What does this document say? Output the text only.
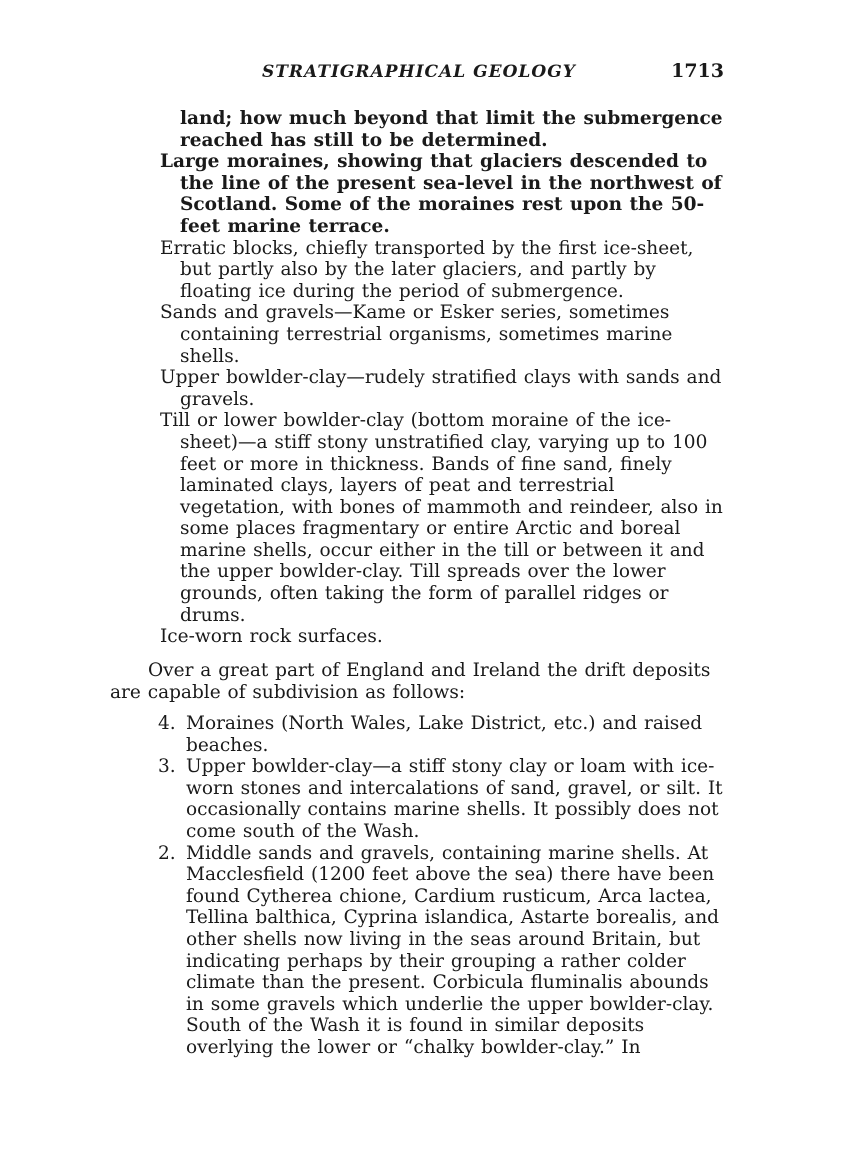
STRATIGRAPHICAL GEOLOGY	1713

land; how much beyond that limit the submergence reached has still to be determined.

Large moraines, showing that glaciers descended to the line of the present sea-level in the northwest of Scotland. Some of the moraines rest upon the 50-feet marine terrace.

Erratic blocks, chiefly transported by the first ice-sheet, but partly also by the later glaciers, and partly by floating ice during the period of submergence.

Sands and gravels—Kame or Esker series, sometimes containing terrestrial organisms, sometimes marine shells.

Upper bowlder-clay—rudely stratified clays with sands and gravels.

Till or lower bowlder-clay (bottom moraine of the ice-sheet)—a stiff stony unstratified clay, varying up to 100 feet or more in thickness. Bands of fine sand, finely laminated clays, layers of peat and terrestrial vegetation, with bones of mammoth and reindeer, also in some places fragmentary or entire Arctic and boreal marine shells, occur either in the till or between it and the upper bowlder-clay. Till spreads over the lower grounds, often taking the form of parallel ridges or drums.

Ice-worn rock surfaces.

Over a great part of England and Ireland the drift deposits are capable of subdivision as follows:

4. Moraines (North Wales, Lake District, etc.) and raised beaches.
3. Upper bowlder-clay—a stiff stony clay or loam with ice-worn stones and intercalations of sand, gravel, or silt. It occasionally contains marine shells. It possibly does not come south of the Wash.
2. Middle sands and gravels, containing marine shells. At Macclesfield (1200 feet above the sea) there have been found Cytherea chione, Cardium rusticum, Arca lactea, Tellina balthica, Cyprina islandica, Astarte borealis, and other shells now living in the seas around Britain, but indicating perhaps by their grouping a rather colder climate than the present. Corbicula fluminalis abounds in some gravels which underlie the upper bowlder-clay. South of the Wash it is found in similar deposits overlying the lower or “chalky bowlder-clay.” In
